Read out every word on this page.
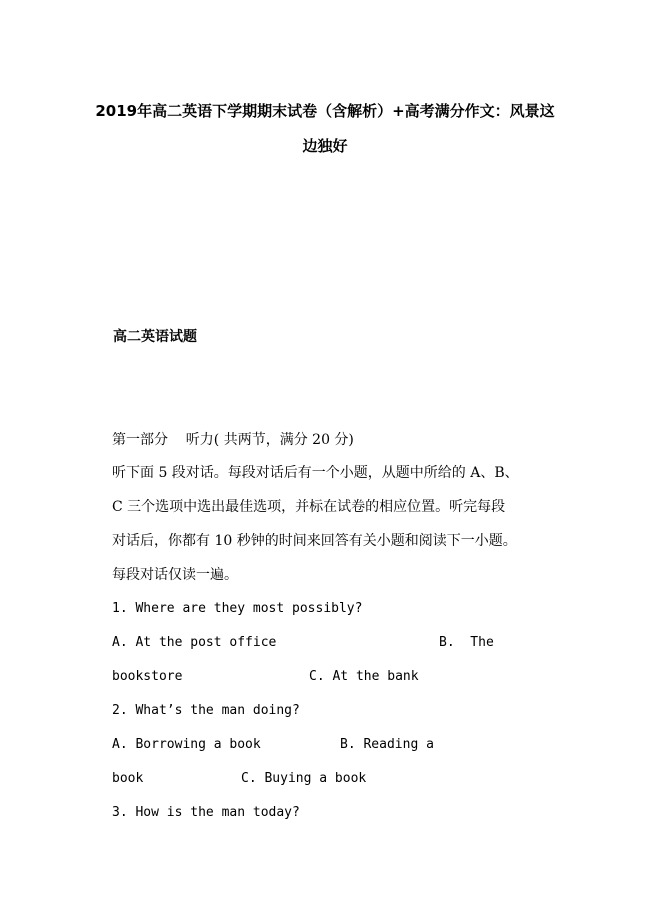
2019年高二英语下学期期末试卷（含解析）+高考满分作文：风景这
边独好
高二英语试题
第一部分    听力( 共两节，满分 20 分)
听下面 5 段对话。每段对话后有一个小题，从题中所给的 A、B、
C 三个选项中选出最佳选项，并标在试卷的相应位置。听完每段
对话后，你都有 10 秒钟的时间来回答有关小题和阅读下一小题。
每段对话仅读一遍。
1. Where are they most possibly?
A. At the post office	B.  The
bookstore	C. At the bank
2. What’s the man doing?
A. Borrowing a book	B. Reading a
book	C. Buying a book
3. How is the man today?
